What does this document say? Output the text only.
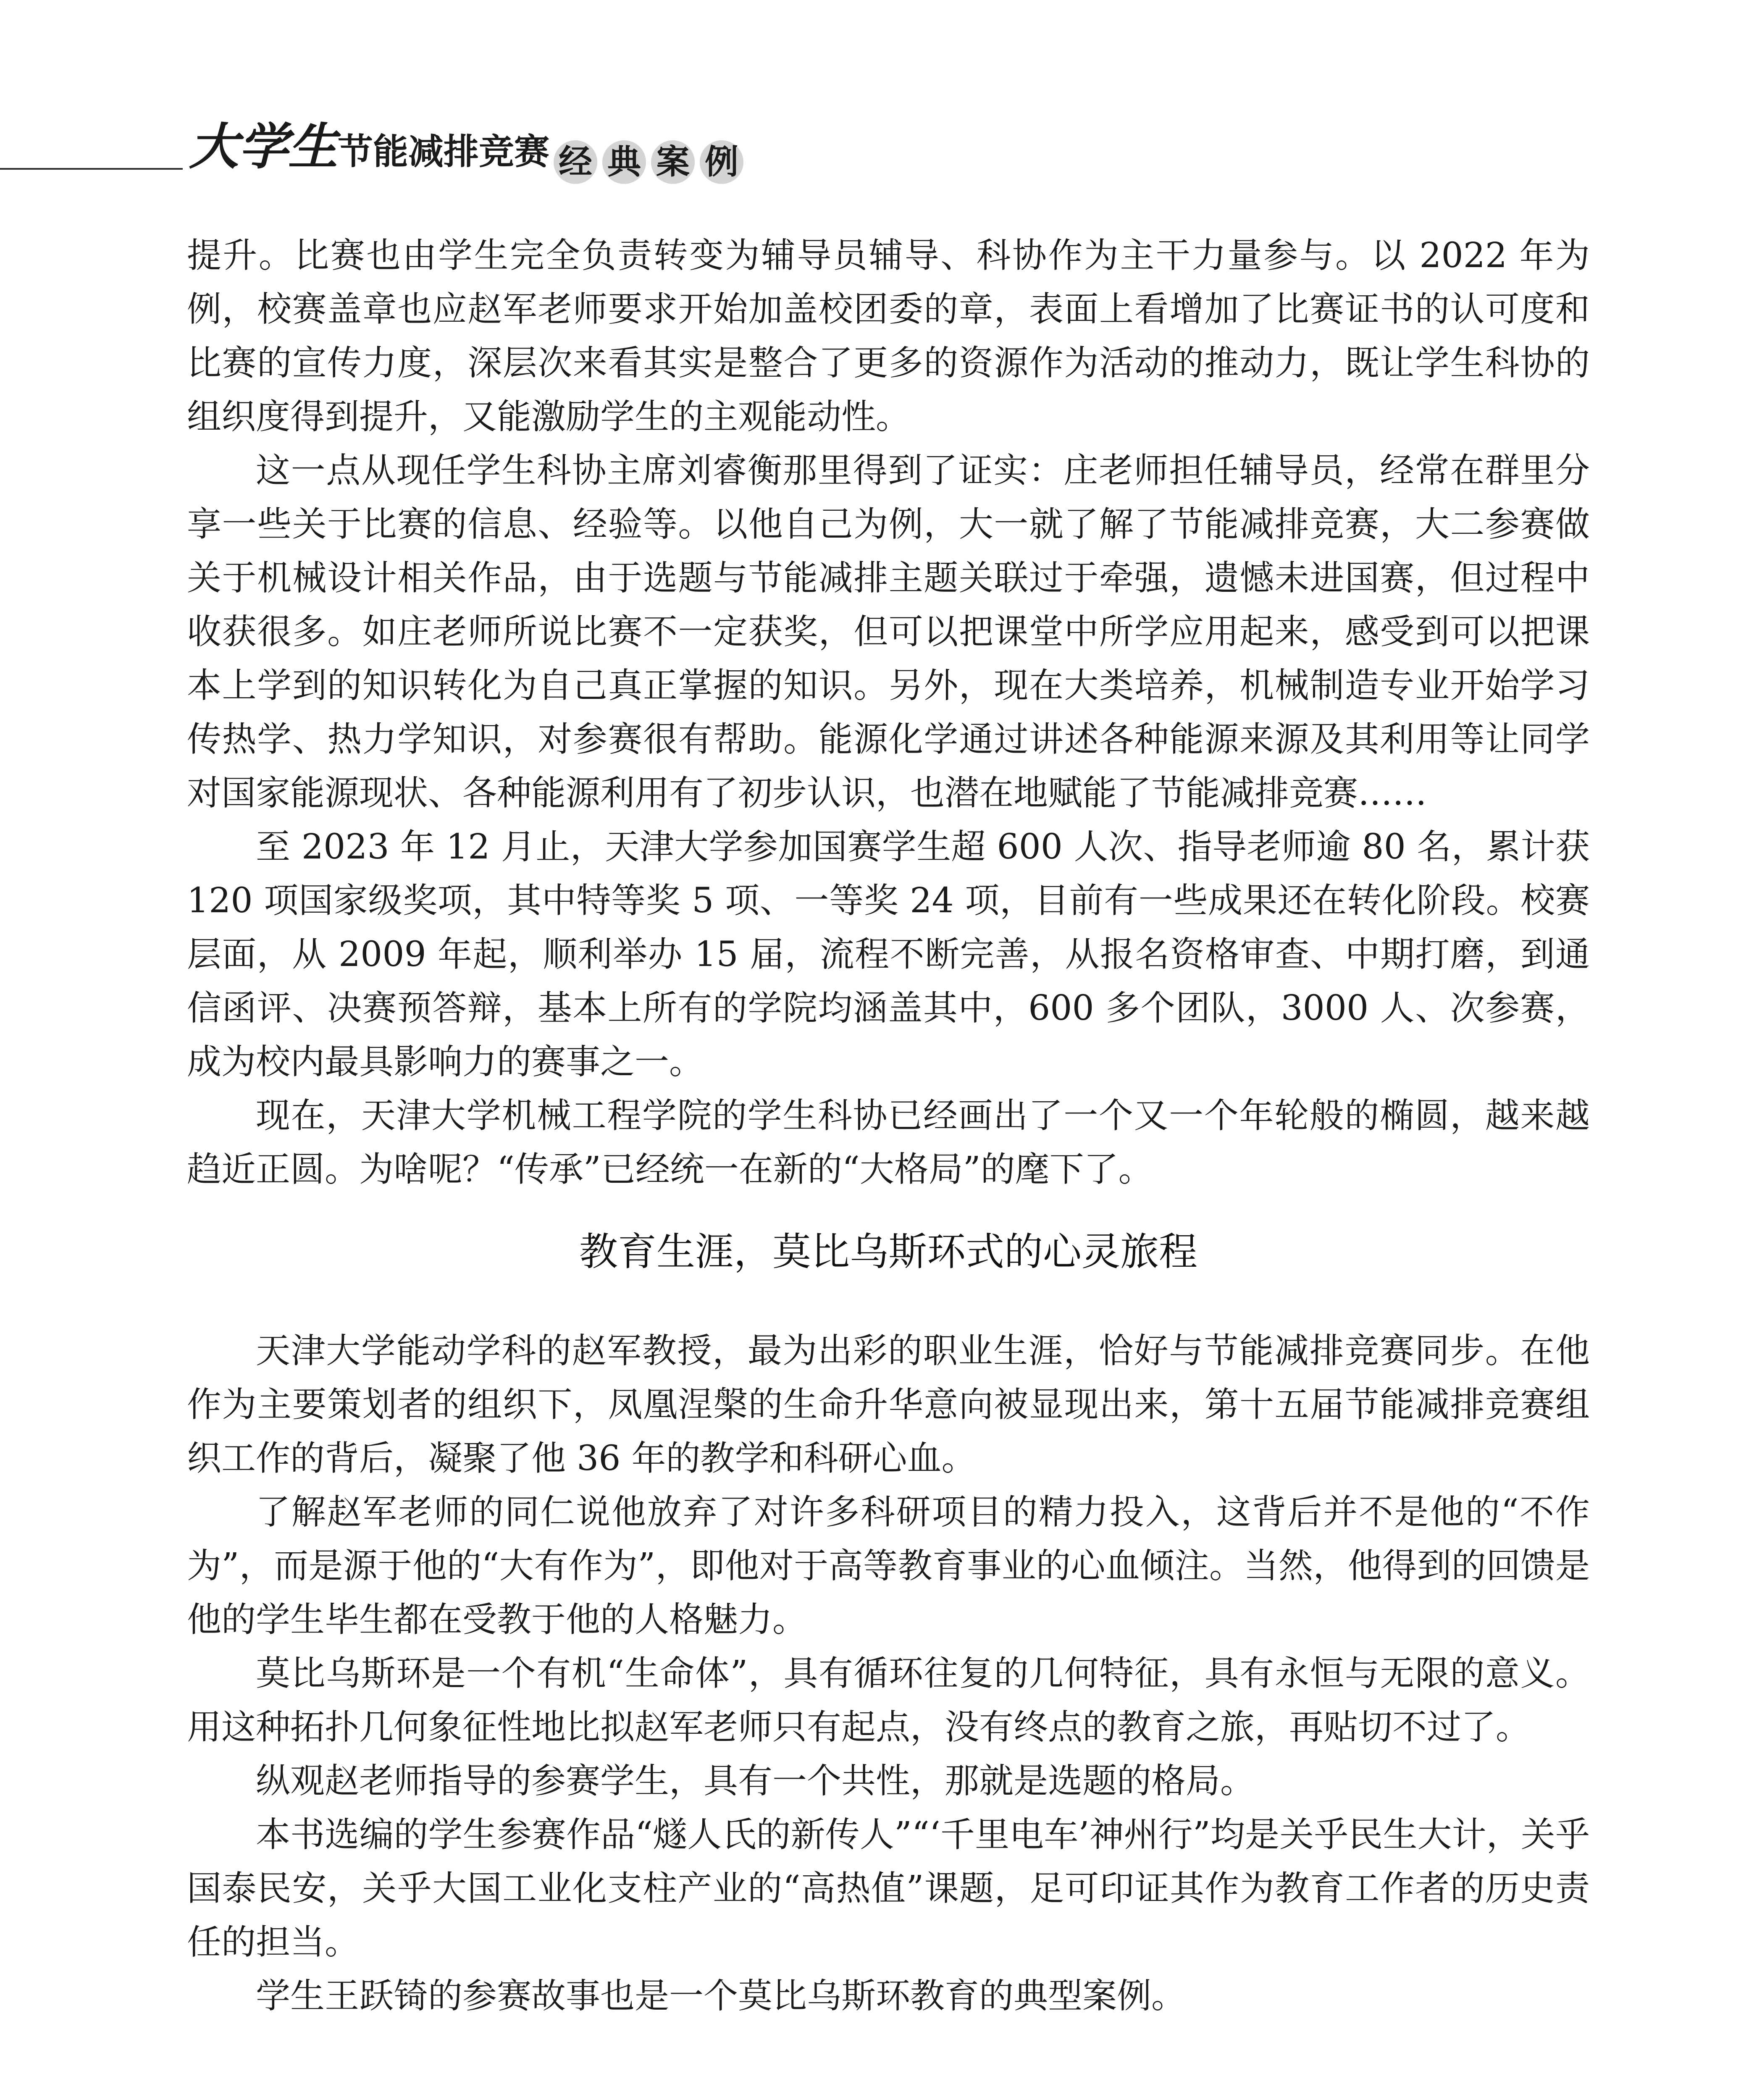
大学生节能减排竞赛 经 典 案 例

提升。比赛也由学生完全负责转变为辅导员辅导、科协作为主干力量参与。以 2022 年为例，校赛盖章也应赵军老师要求开始加盖校团委的章，表面上看增加了比赛证书的认可度和比赛的宣传力度，深层次来看其实是整合了更多的资源作为活动的推动力，既让学生科协的组织度得到提升，又能激励学生的主观能动性。

这一点从现任学生科协主席刘睿衡那里得到了证实：庄老师担任辅导员，经常在群里分享一些关于比赛的信息、经验等。以他自己为例，大一就了解了节能减排竞赛，大二参赛做关于机械设计相关作品，由于选题与节能减排主题关联过于牵强，遗憾未进国赛，但过程中收获很多。如庄老师所说比赛不一定获奖，但可以把课堂中所学应用起来，感受到可以把课本上学到的知识转化为自己真正掌握的知识。另外，现在大类培养，机械制造专业开始学习传热学、热力学知识，对参赛很有帮助。能源化学通过讲述各种能源来源及其利用等让同学对国家能源现状、各种能源利用有了初步认识，也潜在地赋能了节能减排竞赛……

至 2023 年 12 月止，天津大学参加国赛学生超 600 人次、指导老师逾 80 名，累计获 120 项国家级奖项，其中特等奖 5 项、一等奖 24 项，目前有一些成果还在转化阶段。校赛层面，从 2009 年起，顺利举办 15 届，流程不断完善，从报名资格审查、中期打磨，到通信函评、决赛预答辩，基本上所有的学院均涵盖其中，600 多个团队，3000 人、次参赛，成为校内最具影响力的赛事之一。

现在，天津大学机械工程学院的学生科协已经画出了一个又一个年轮般的椭圆，越来越趋近正圆。为啥呢？“传承”已经统一在新的“大格局”的麾下了。

教育生涯，莫比乌斯环式的心灵旅程

天津大学能动学科的赵军教授，最为出彩的职业生涯，恰好与节能减排竞赛同步。在他作为主要策划者的组织下，凤凰涅槃的生命升华意向被显现出来，第十五届节能减排竞赛组织工作的背后，凝聚了他 36 年的教学和科研心血。

了解赵军老师的同仁说他放弃了对许多科研项目的精力投入，这背后并不是他的“不作为”，而是源于他的“大有作为”，即他对于高等教育事业的心血倾注。当然，他得到的回馈是他的学生毕生都在受教于他的人格魅力。

莫比乌斯环是一个有机“生命体”，具有循环往复的几何特征，具有永恒与无限的意义。用这种拓扑几何象征性地比拟赵军老师只有起点，没有终点的教育之旅，再贴切不过了。

纵观赵老师指导的参赛学生，具有一个共性，那就是选题的格局。

本书选编的学生参赛作品“燧人氏的新传人”“‘千里电车’神州行”均是关乎民生大计，关乎国泰民安，关乎大国工业化支柱产业的“高热值”课题，足可印证其作为教育工作者的历史责任的担当。

学生王跃锜的参赛故事也是一个莫比乌斯环教育的典型案例。
